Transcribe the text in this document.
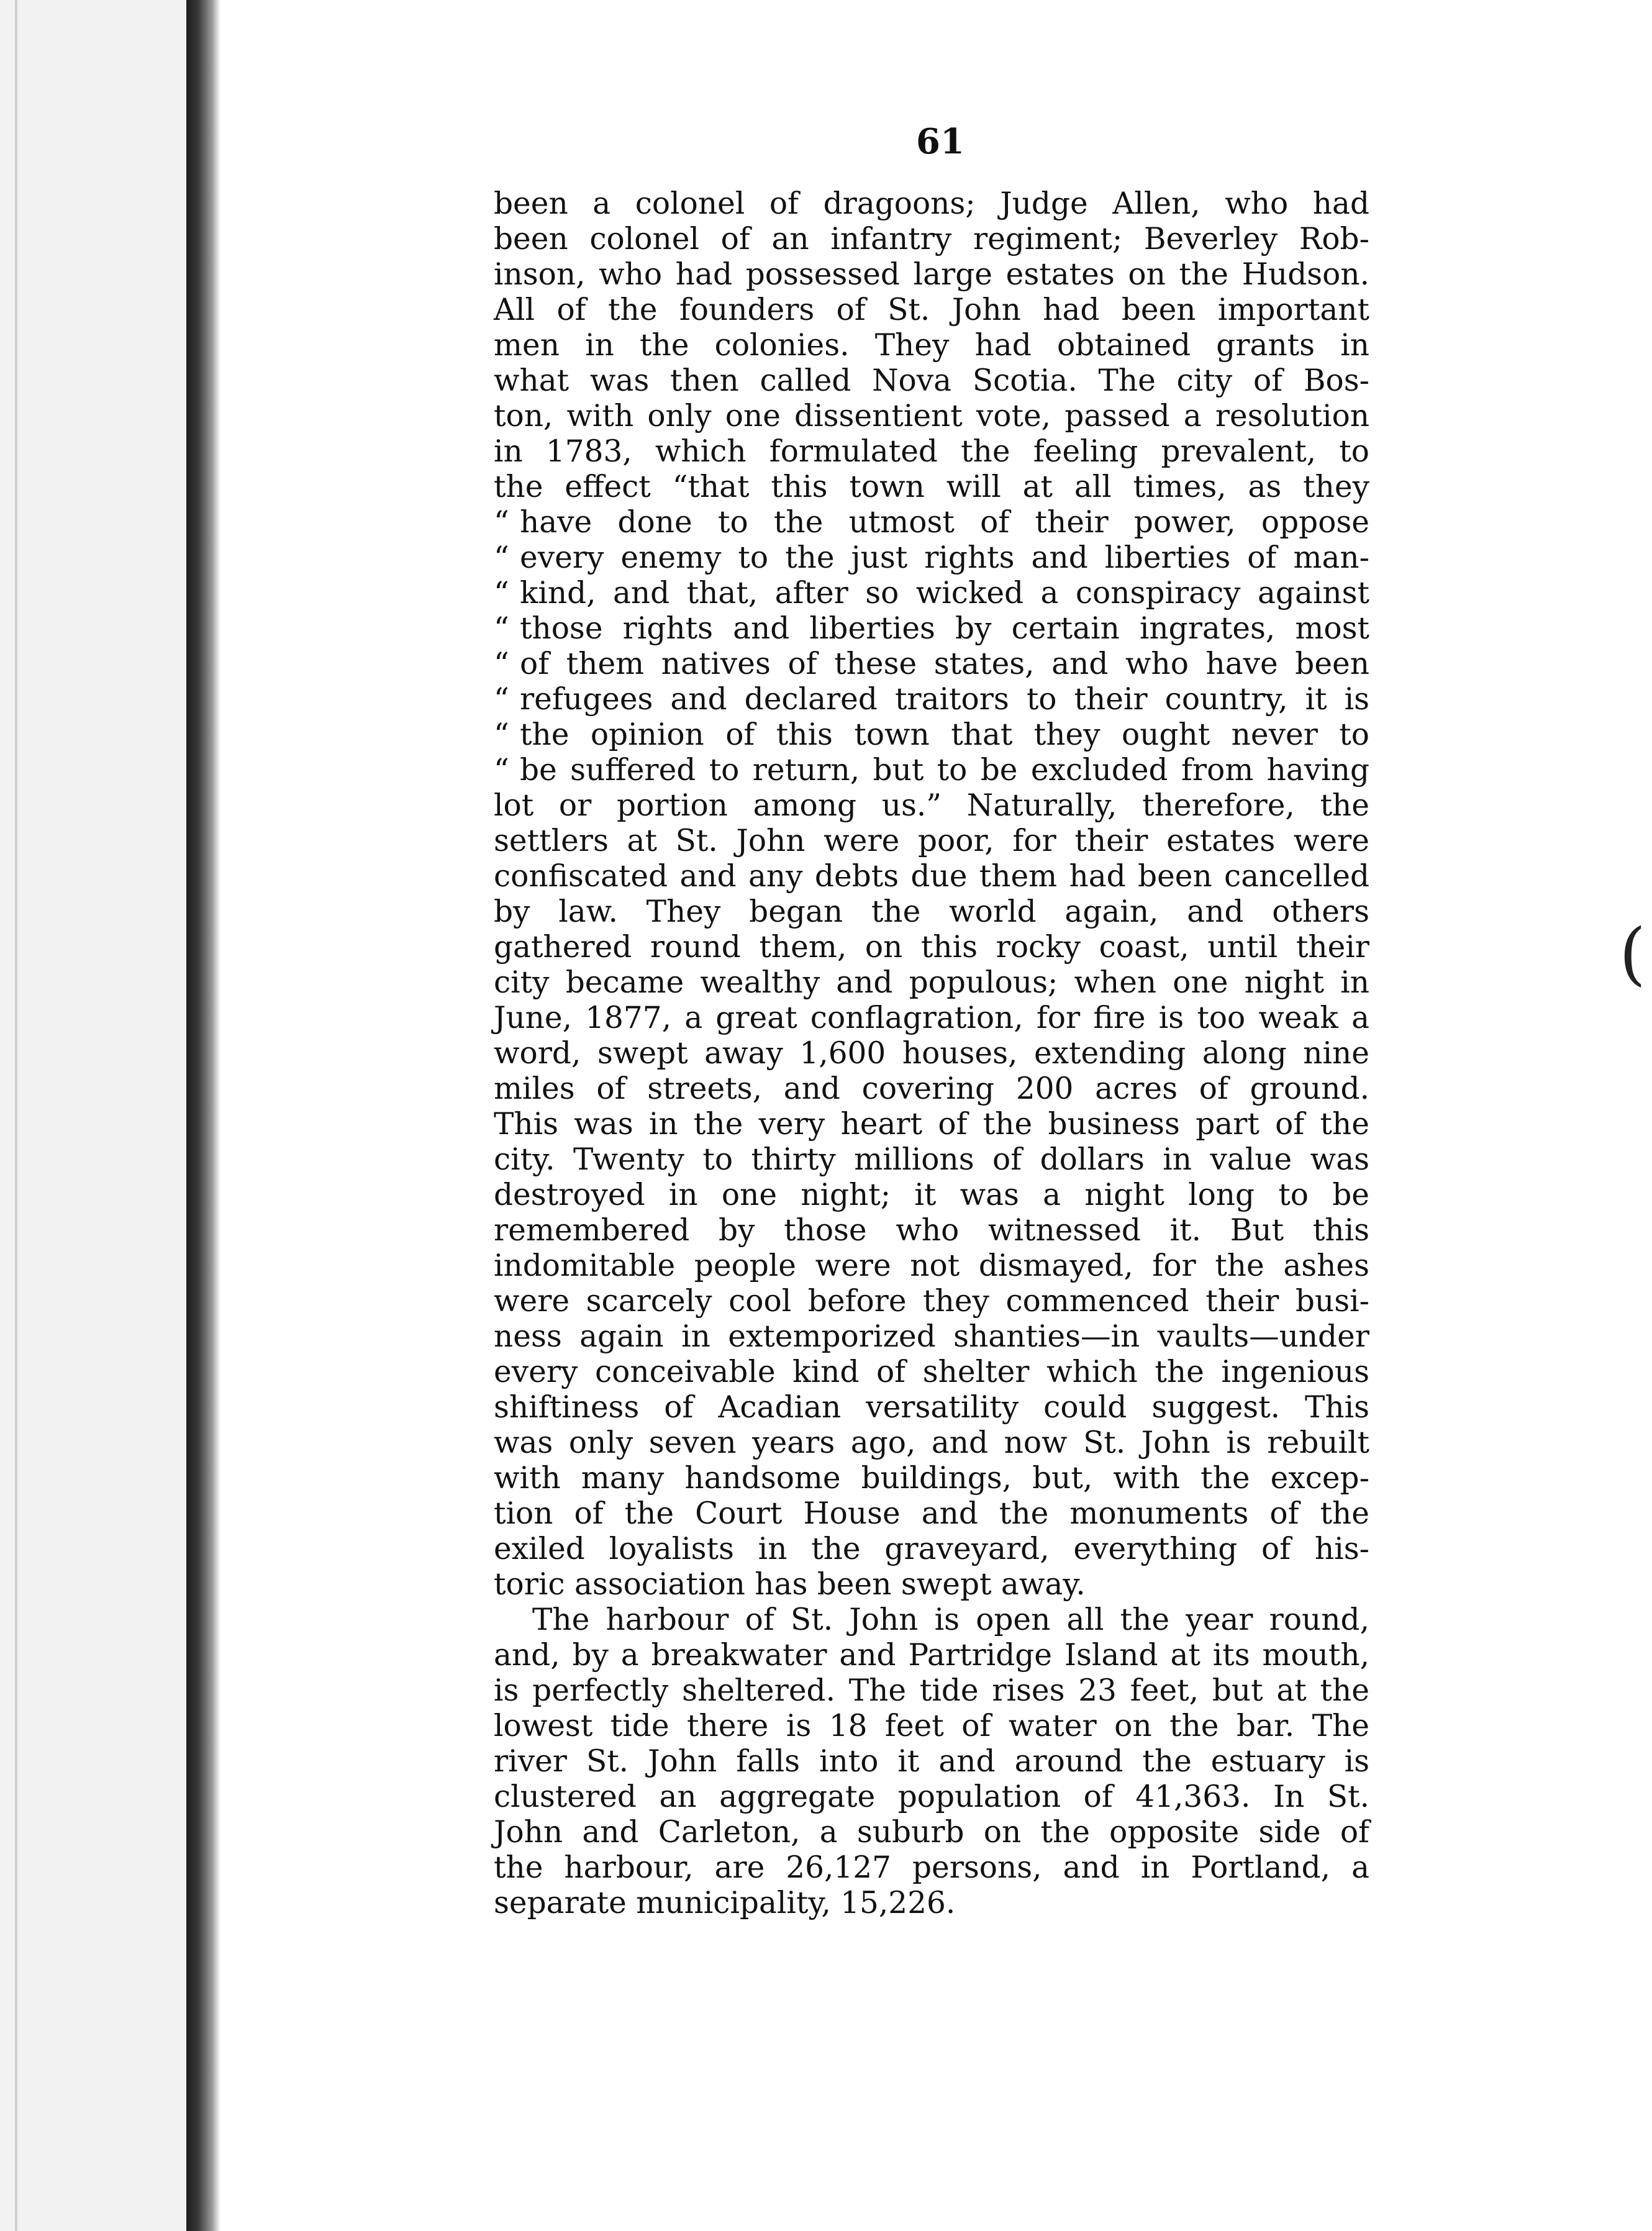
(
61
been a colonel of dragoons; Judge Allen, who had
been colonel of an infantry regiment; Beverley Rob-
inson, who had possessed large estates on the Hudson.
All of the founders of St. John had been important
men in the colonies. They had obtained grants in
what was then called Nova Scotia. The city of Bos-
ton, with only one dissentient vote, passed a resolution
in 1783, which formulated the feeling prevalent, to
the effect “that this town will at all times, as they
“ have done to the utmost of their power, oppose
“ every enemy to the just rights and liberties of man-
“ kind, and that, after so wicked a conspiracy against
“ those rights and liberties by certain ingrates, most
“ of them natives of these states, and who have been
“ refugees and declared traitors to their country, it is
“ the opinion of this town that they ought never to
“ be suffered to return, but to be excluded from having
lot or portion among us.” Naturally, therefore, the
settlers at St. John were poor, for their estates were
confiscated and any debts due them had been cancelled
by law. They began the world again, and others
gathered round them, on this rocky coast, until their
city became wealthy and populous; when one night in
June, 1877, a great conflagration, for fire is too weak a
word, swept away 1,600 houses, extending along nine
miles of streets, and covering 200 acres of ground.
This was in the very heart of the business part of the
city. Twenty to thirty millions of dollars in value was
destroyed in one night; it was a night long to be
remembered by those who witnessed it. But this
indomitable people were not dismayed, for the ashes
were scarcely cool before they commenced their busi-
ness again in extemporized shanties—in vaults—under
every conceivable kind of shelter which the ingenious
shiftiness of Acadian versatility could suggest. This
was only seven years ago, and now St. John is rebuilt
with many handsome buildings, but, with the excep-
tion of the Court House and the monuments of the
exiled loyalists in the graveyard, everything of his-
toric association has been swept away.
The harbour of St. John is open all the year round,
and, by a breakwater and Partridge Island at its mouth,
is perfectly sheltered. The tide rises 23 feet, but at the
lowest tide there is 18 feet of water on the bar. The
river St. John falls into it and around the estuary is
clustered an aggregate population of 41,363. In St.
John and Carleton, a suburb on the opposite side of
the harbour, are 26,127 persons, and in Portland, a
separate municipality, 15,226.
